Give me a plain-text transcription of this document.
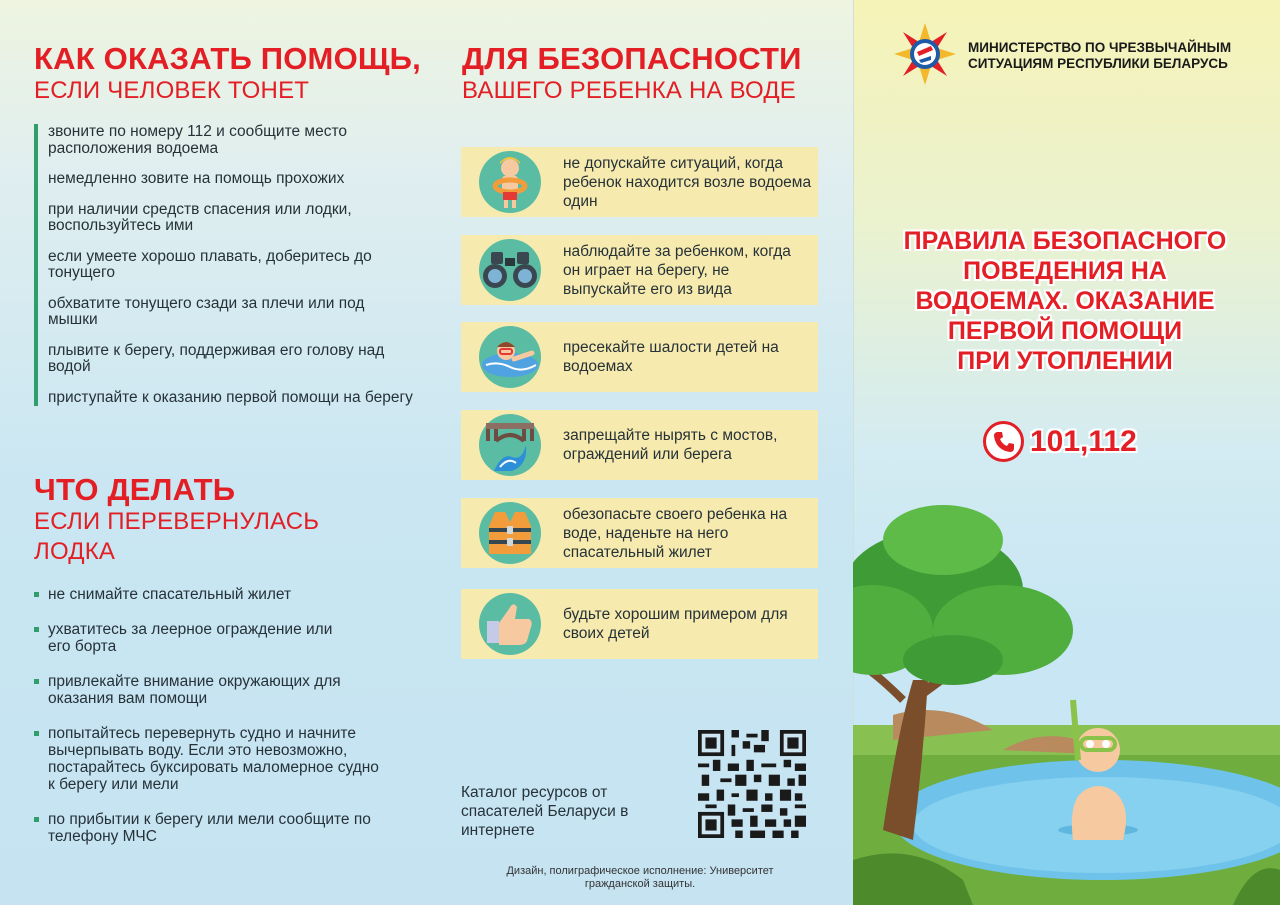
КАК ОКАЗАТЬ ПОМОЩЬ,
ЕСЛИ ЧЕЛОВЕК ТОНЕТ
звоните по номеру 112 и сообщите место расположения водоема
немедленно зовите на помощь прохожих
при наличии средств спасения или лодки, воспользуйтесь ими
если умеете хорошо плавать, доберитесь до тонущего
обхватите тонущего сзади за плечи или под мышки
плывите к берегу, поддерживая его голову над водой
приступайте к оказанию первой помощи на берегу
ЧТО ДЕЛАТЬ
ЕСЛИ ПЕРЕВЕРНУЛАСЬ
ЛОДКА
не снимайте спасательный жилет
ухватитесь за леерное ограждение или его борта
привлекайте внимание окружающих для оказания вам помощи
попытайтесь перевернуть судно и начните вычерпывать воду. Если это невозможно, постарайтесь буксировать маломерное судно к берегу или мели
по прибытии к берегу или мели сообщите по телефону МЧС
ДЛЯ БЕЗОПАСНОСТИ
ВАШЕГО РЕБЕНКА НА ВОДЕ
не допускайте ситуаций, когда ребенок находится возле водоема один
наблюдайте за ребенком, когда он играет на берегу, не выпускайте его из вида
пресекайте шалости детей на водоемах
запрещайте нырять с мостов, ограждений или берега
обезопасьте своего ребенка на воде, наденьте на него спасательный жилет
будьте хорошим примером для своих детей
Каталог ресурсов от спасателей Беларуси в интернете
Дизайн, полиграфическое исполнение: Университет гражданской защиты.
МИНИСТЕРСТВО ПО ЧРЕЗВЫЧАЙНЫМ
СИТУАЦИЯМ РЕСПУБЛИКИ БЕЛАРУСЬ
ПРАВИЛА БЕЗОПАСНОГО
ПОВЕДЕНИЯ НА
ВОДОЕМАХ. ОКАЗАНИЕ
ПЕРВОЙ ПОМОЩИ
ПРИ УТОПЛЕНИИ
101,112
